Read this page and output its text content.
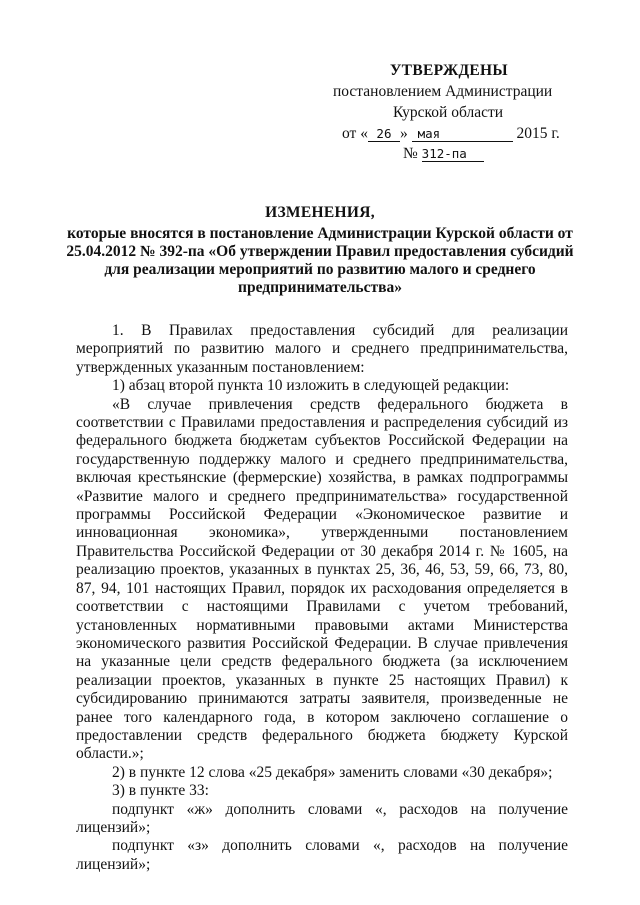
УТВЕРЖДЕНЫ
постановлением Администрации
Курской области
от « 26 » мая	2015 г.
№ 312-па
ИЗМЕНЕНИЯ,
которые вносятся в постановление Администрации Курской области от 25.04.2012 № 392-па «Об утверждении Правил предоставления субсидий для реализации мероприятий по развитию малого и среднего предпринимательства»

1. В Правилах предоставления субсидий для реализации мероприятий по развитию малого и среднего предпринимательства, утвержденных указанным постановлением:

1) абзац второй пункта 10 изложить в следующей редакции:

«В случае привлечения средств федерального бюджета в соответствии с Правилами предоставления и распределения субсидий из федерального бюджета бюджетам субъектов Российской Федерации на государственную поддержку малого и среднего предпринимательства, включая крестьянские (фермерские) хозяйства, в рамках подпрограммы «Развитие малого и среднего предпринимательства» государственной программы Российской Федерации «Экономическое развитие и инновационная экономика», утвержденными постановлением Правительства Российской Федерации от 30 декабря 2014 г. № 1605, на реализацию проектов, указанных в пунктах 25, 36, 46, 53, 59, 66, 73, 80, 87, 94, 101 настоящих Правил, порядок их расходования определяется в соответствии с настоящими Правилами с учетом требований, установленных нормативными правовыми актами Министерства экономического развития Российской Федерации. В случае привлечения на указанные цели средств федерального бюджета (за исключением реализации проектов, указанных в пункте 25 настоящих Правил) к субсидированию принимаются затраты заявителя, произведенные не ранее того календарного года, в котором заключено соглашение о предоставлении средств федерального бюджета бюджету Курской области.»;

2) в пункте 12 слова «25 декабря» заменить словами «30 декабря»;

3) в пункте 33:

подпункт «ж» дополнить словами «, расходов на получение лицензий»;

подпункт «з» дополнить словами «, расходов на получение лицензий»;
